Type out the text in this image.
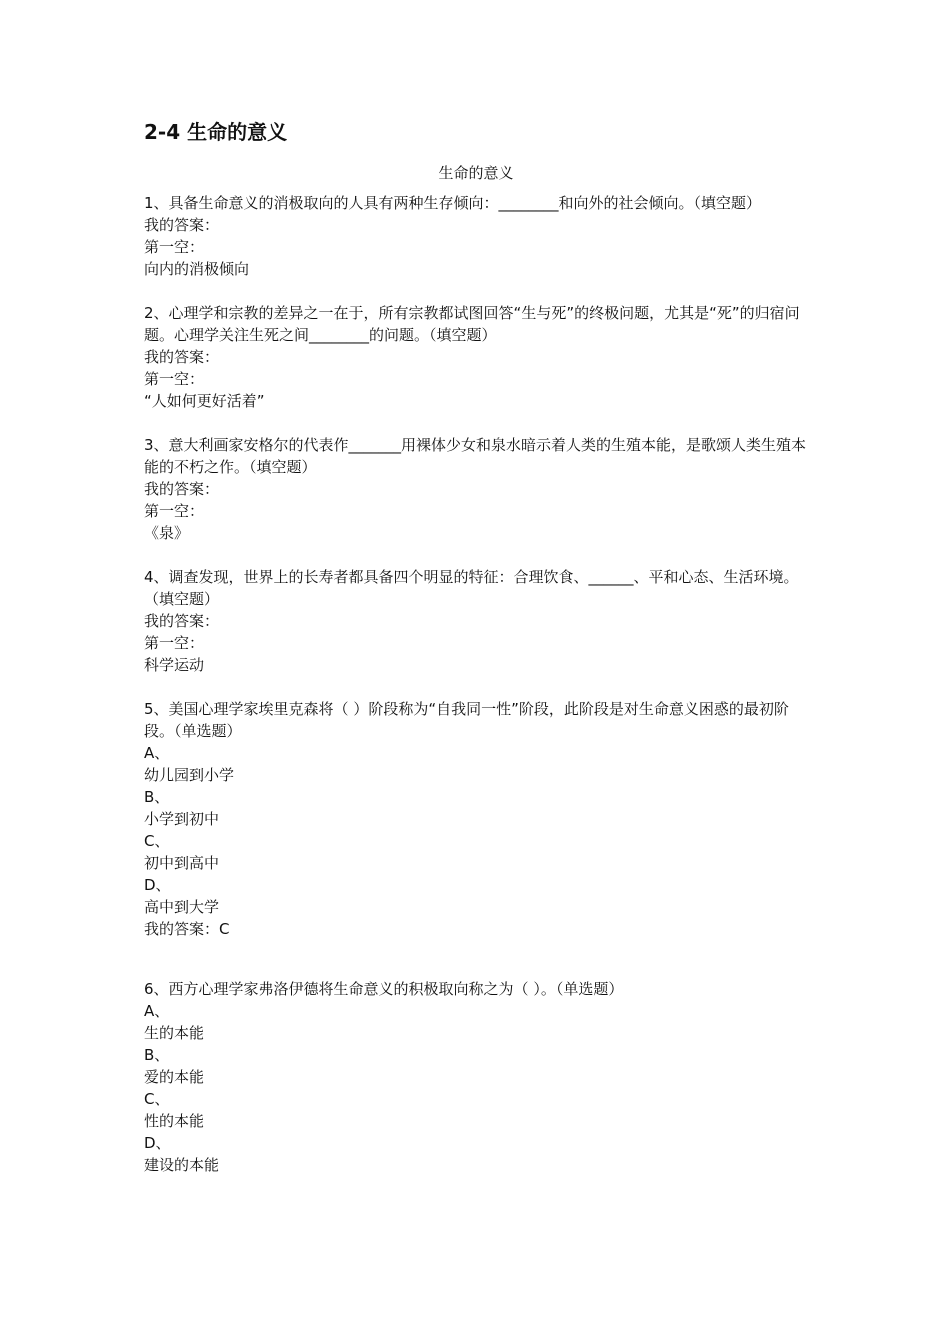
2-4 生命的意义
生命的意义
1、具备生命意义的消极取向的人具有两种生存倾向：________和向外的社会倾向。（填空题）
我的答案：
第一空：
向内的消极倾向
2、心理学和宗教的差异之一在于，所有宗教都试图回答“生与死”的终极问题，尤其是“死”的归宿问题。心理学关注生死之间________的问题。（填空题）
我的答案：
第一空：
“人如何更好活着”
3、意大利画家安格尔的代表作_______用裸体少女和泉水暗示着人类的生殖本能，是歌颂人类生殖本能的不朽之作。（填空题）
我的答案：
第一空：
《泉》
4、调查发现，世界上的长寿者都具备四个明显的特征：合理饮食、______、平和心态、生活环境。（填空题）
我的答案：
第一空：
科学运动
5、美国心理学家埃里克森将（ ）阶段称为“自我同一性”阶段，此阶段是对生命意义困惑的最初阶段。（单选题）
A、
幼儿园到小学
B、
小学到初中
C、
初中到高中
D、
高中到大学
我的答案：C
6、西方心理学家弗洛伊德将生命意义的积极取向称之为（ ）。（单选题）
A、
生的本能
B、
爱的本能
C、
性的本能
D、
建设的本能
